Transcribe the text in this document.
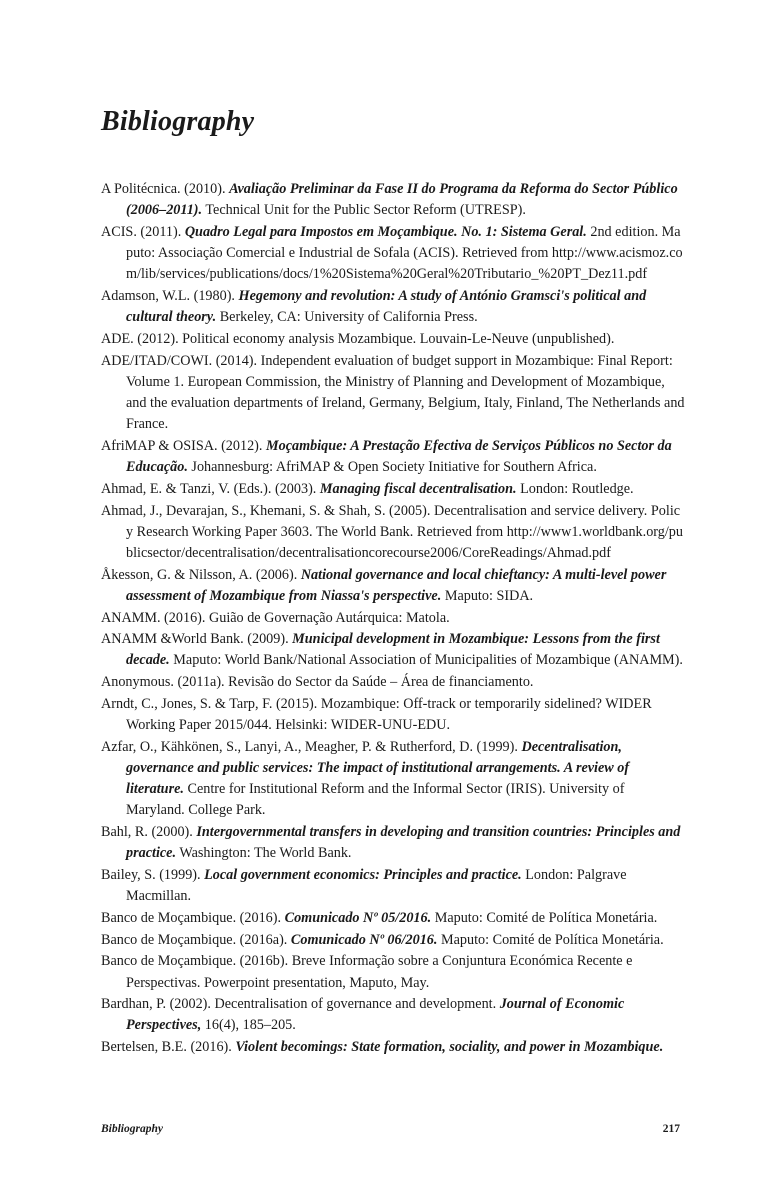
Bibliography

A Politécnica. (2010). Avaliação Preliminar da Fase II do Programa da Reforma do Sector Público (2006–2011). Technical Unit for the Public Sector Reform (UTRESP).

ACIS. (2011). Quadro Legal para Impostos em Moçambique. No. 1: Sistema Geral. 2nd edition. Maputo: Associação Comercial e Industrial de Sofala (ACIS). Retrieved from http://www.acismoz.com/lib/services/publications/docs/1%20Sistema%20Geral%20Tributario_%20PT_Dez11.pdf

Adamson, W.L. (1980). Hegemony and revolution: A study of António Gramsci's political and cultural theory. Berkeley, CA: University of California Press.

ADE. (2012). Political economy analysis Mozambique. Louvain-Le-Neuve (unpublished).

ADE/ITAD/COWI. (2014). Independent evaluation of budget support in Mozambique: Final Report: Volume 1. European Commission, the Ministry of Planning and Development of Mozambique, and the evaluation departments of Ireland, Germany, Belgium, Italy, Finland, The Netherlands and France.

AfriMAP & OSISA. (2012). Moçambique: A Prestação Efectiva de Serviços Públicos no Sector da Educação. Johannesburg: AfriMAP & Open Society Initiative for Southern Africa.

Ahmad, E. & Tanzi, V. (Eds.). (2003). Managing fiscal decentralisation. London: Routledge.

Ahmad, J., Devarajan, S., Khemani, S. & Shah, S. (2005). Decentralisation and service delivery. Policy Research Working Paper 3603. The World Bank. Retrieved from http://www1.worldbank.org/publicsector/decentralisation/decentralisationcorecourse2006/CoreReadings/Ahmad.pdf

Åkesson, G. & Nilsson, A. (2006). National governance and local chieftancy: A multi-level power assessment of Mozambique from Niassa's perspective. Maputo: SIDA.

ANAMM. (2016). Guião de Governação Autárquica: Matola.

ANAMM &World Bank. (2009). Municipal development in Mozambique: Lessons from the first decade. Maputo: World Bank/National Association of Municipalities of Mozambique (ANAMM).

Anonymous. (2011a). Revisão do Sector da Saúde – Área de financiamento.

Arndt, C., Jones, S. & Tarp, F. (2015). Mozambique: Off-track or temporarily sidelined? WIDER Working Paper 2015/044. Helsinki: WIDER-UNU-EDU.

Azfar, O., Kähkönen, S., Lanyi, A., Meagher, P. & Rutherford, D. (1999). Decentralisation, governance and public services: The impact of institutional arrangements. A review of literature. Centre for Institutional Reform and the Informal Sector (IRIS). University of Maryland. College Park.

Bahl, R. (2000). Intergovernmental transfers in developing and transition countries: Principles and practice. Washington: The World Bank.

Bailey, S. (1999). Local government economics: Principles and practice. London: Palgrave Macmillan.

Banco de Moçambique. (2016). Comunicado Nº 05/2016. Maputo: Comité de Política Monetária.

Banco de Moçambique. (2016a). Comunicado Nº 06/2016. Maputo: Comité de Política Monetária.

Banco de Moçambique. (2016b). Breve Informação sobre a Conjuntura Económica Recente e Perspectivas. Powerpoint presentation, Maputo, May.

Bardhan, P. (2002). Decentralisation of governance and development. Journal of Economic Perspectives, 16(4), 185–205.

Bertelsen, B.E. (2016). Violent becomings: State formation, sociality, and power in Mozambique.

Bibliography	217
